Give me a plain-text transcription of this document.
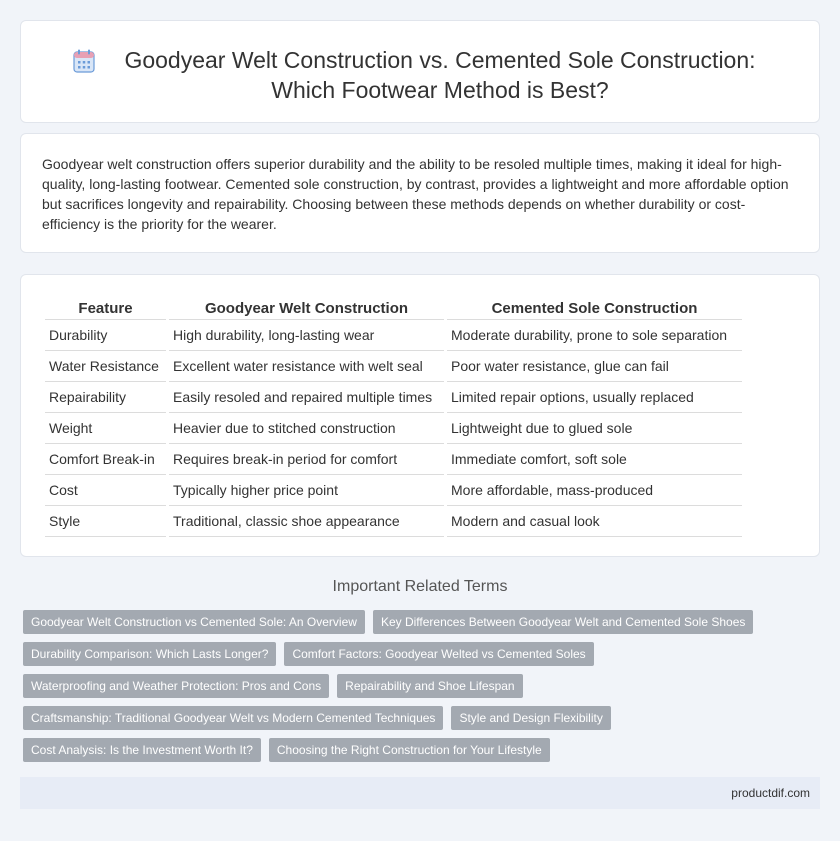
Goodyear Welt Construction vs. Cemented Sole Construction: Which Footwear Method is Best?

Goodyear welt construction offers superior durability and the ability to be resoled multiple times, making it ideal for high-quality, long-lasting footwear. Cemented sole construction, by contrast, provides a lightweight and more affordable option but sacrifices longevity and repairability. Choosing between these methods depends on whether durability or cost-efficiency is the priority for the wearer.

Feature	Goodyear Welt Construction	Cemented Sole Construction
Durability	High durability, long-lasting wear	Moderate durability, prone to sole separation
Water Resistance	Excellent water resistance with welt seal	Poor water resistance, glue can fail
Repairability	Easily resoled and repaired multiple times	Limited repair options, usually replaced
Weight	Heavier due to stitched construction	Lightweight due to glued sole
Comfort Break-in	Requires break-in period for comfort	Immediate comfort, soft sole
Cost	Typically higher price point	More affordable, mass-produced
Style	Traditional, classic shoe appearance	Modern and casual look
Important Related Terms
Goodyear Welt Construction vs Cemented Sole: An Overview	Key Differences Between Goodyear Welt and Cemented Sole Shoes
Durability Comparison: Which Lasts Longer?	Comfort Factors: Goodyear Welted vs Cemented Soles
Waterproofing and Weather Protection: Pros and Cons	Repairability and Shoe Lifespan
Craftsmanship: Traditional Goodyear Welt vs Modern Cemented Techniques	Style and Design Flexibility
Cost Analysis: Is the Investment Worth It?	Choosing the Right Construction for Your Lifestyle
productdif.com
